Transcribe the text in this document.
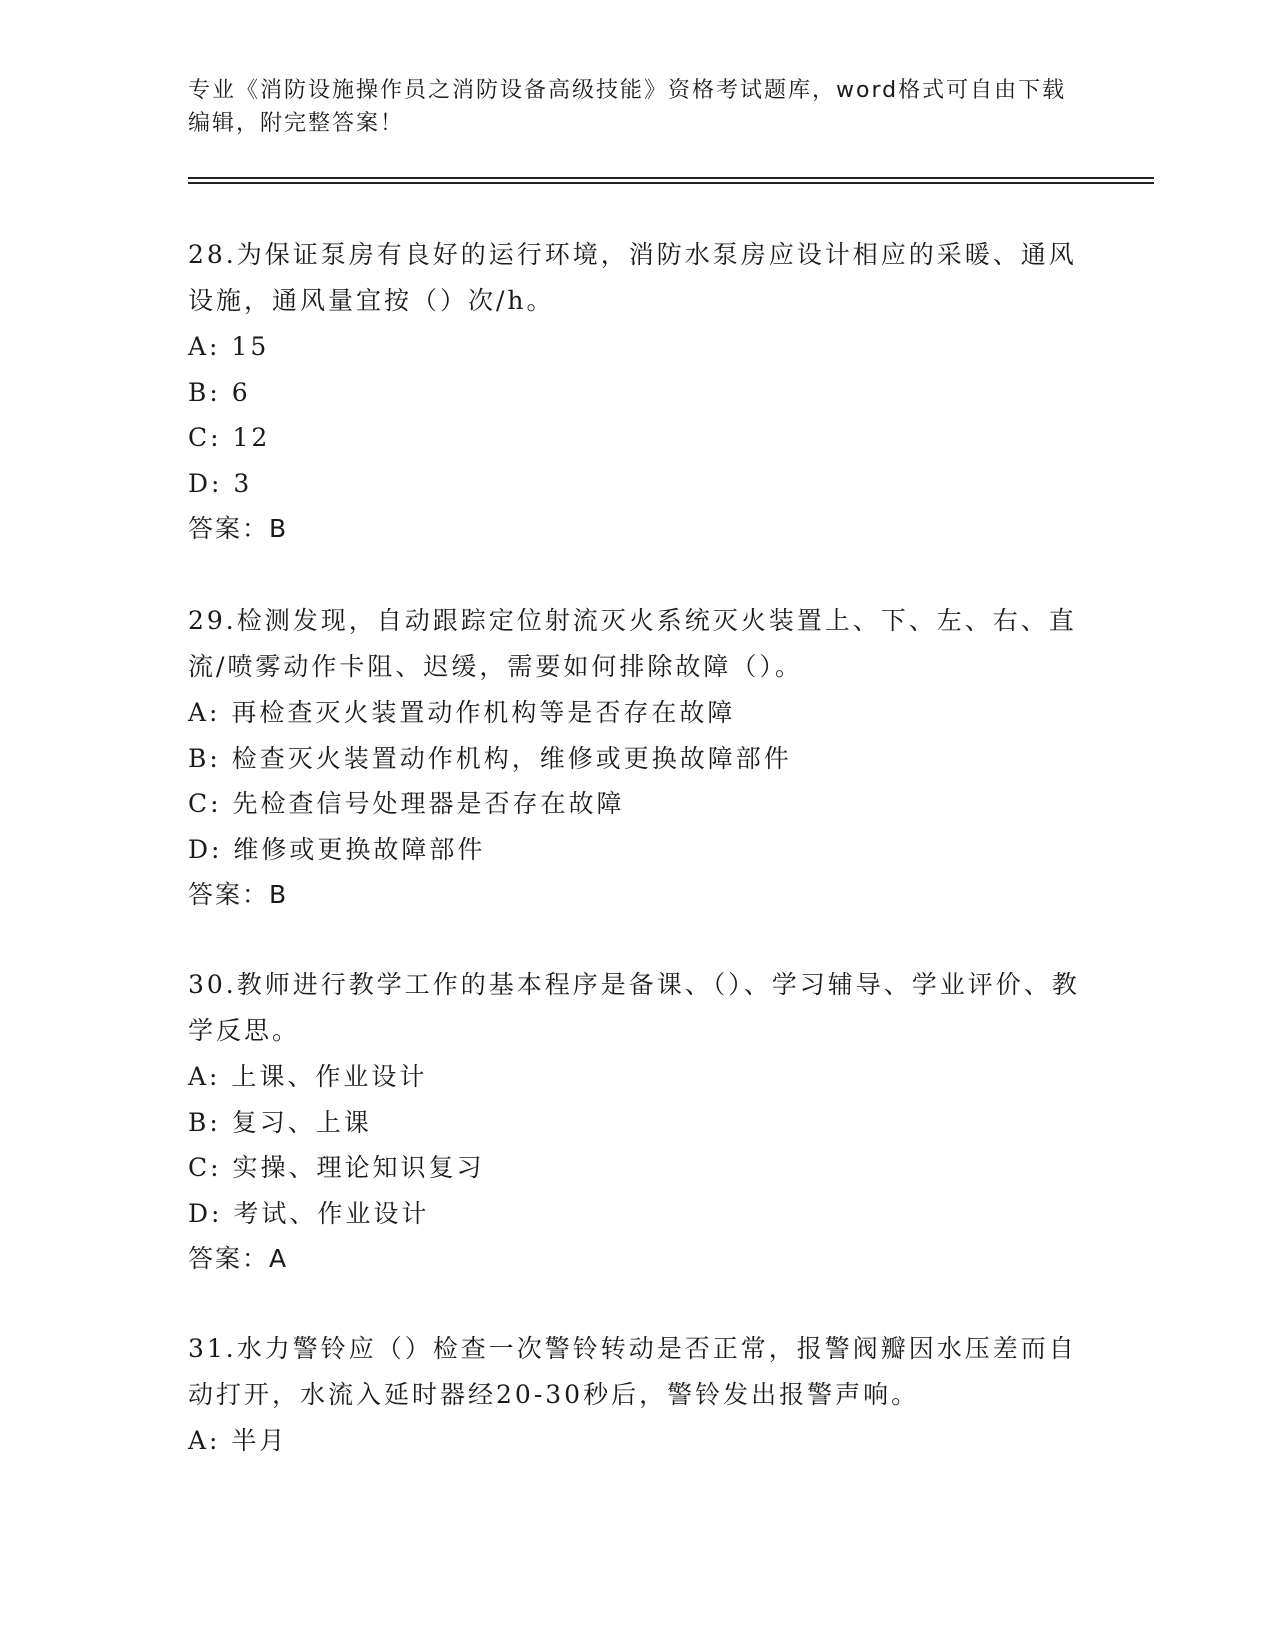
专业《消防设施操作员之消防设备高级技能》资格考试题库，word格式可自由下载编辑，附完整答案！

28.为保证泵房有良好的运行环境，消防水泵房应设计相应的采暖、通风设施，通风量宜按（）次/h。

A: 15

B: 6

C: 12

D: 3

答案：B

29.检测发现，自动跟踪定位射流灭火系统灭火装置上、下、左、右、直流/喷雾动作卡阻、迟缓，需要如何排除故障（）。

A: 再检查灭火装置动作机构等是否存在故障

B: 检查灭火装置动作机构，维修或更换故障部件

C: 先检查信号处理器是否存在故障

D: 维修或更换故障部件

答案：B

30.教师进行教学工作的基本程序是备课、（）、学习辅导、学业评价、教学反思。

A: 上课、作业设计

B: 复习、上课

C: 实操、理论知识复习

D: 考试、作业设计

答案：A

31.水力警铃应（）检查一次警铃转动是否正常，报警阀瓣因水压差而自动打开，水流入延时器经20-30秒后，警铃发出报警声响。

A: 半月
